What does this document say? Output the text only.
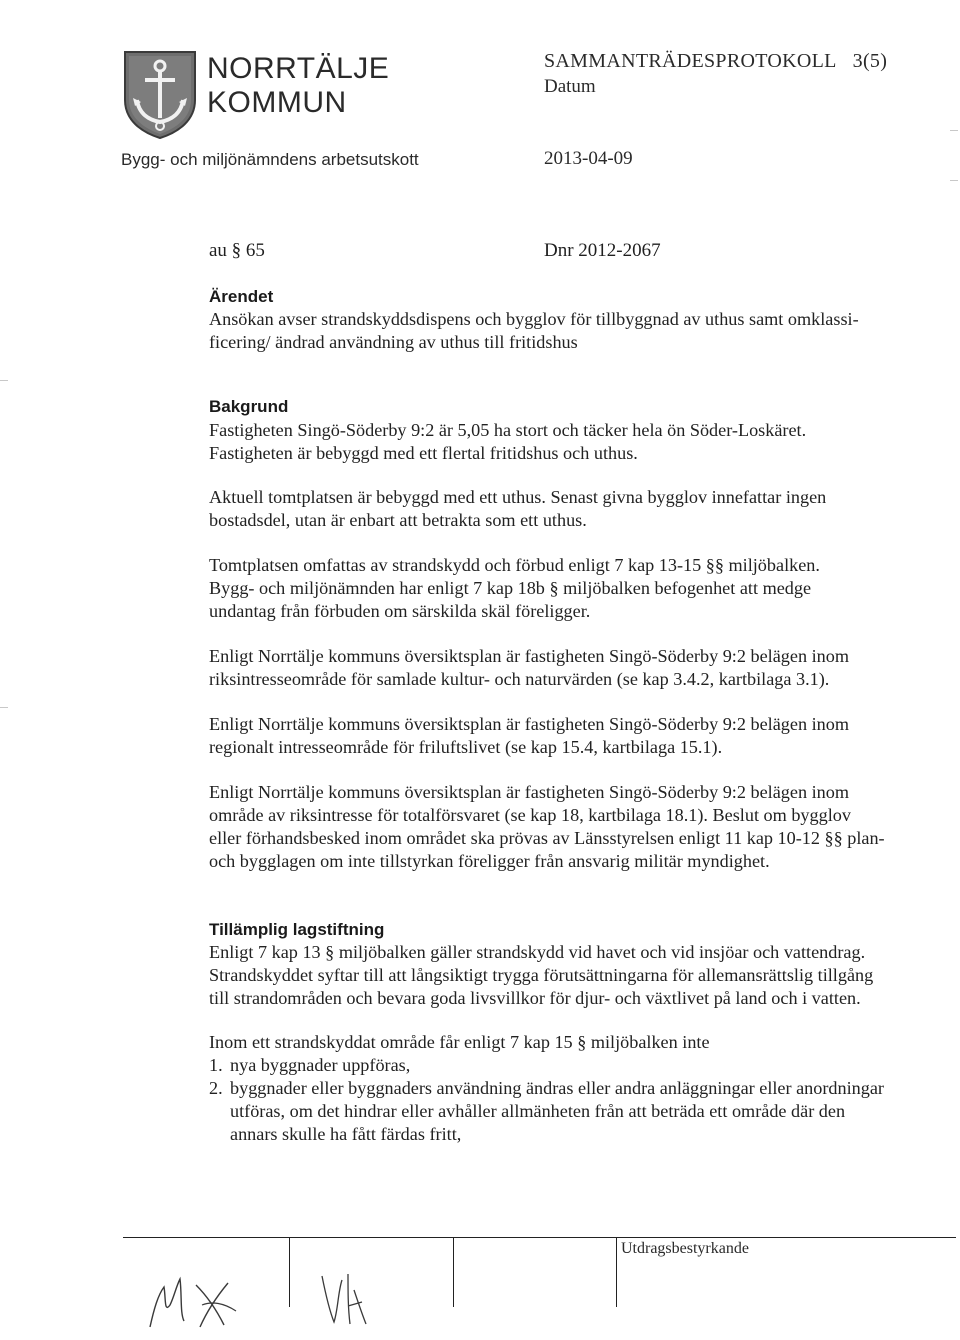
NORRTÄLJE
KOMMUN
SAMMANTRÄDESPROTOKOLL 3(5)
Datum
Bygg- och miljönämndens arbetsutskott	2013-04-09
au § 65	Dnr 2012-2067
Ärendet

Ansökan avser strandskyddsdispens och bygglov för tillbyggnad av uthus samt omklassi-

ficering/ ändrad användning av uthus till fritidshus

Bakgrund

Fastigheten Singö-Söderby 9:2 är 5,05 ha stort och täcker hela ön Söder-Loskäret.

Fastigheten är bebyggd med ett flertal fritidshus och uthus.

Aktuell tomtplatsen är bebyggd med ett uthus. Senast givna bygglov innefattar ingen

bostadsdel, utan är enbart att betrakta som ett uthus.

Tomtplatsen omfattas av strandskydd och förbud enligt 7 kap 13-15 §§ miljöbalken.

Bygg- och miljönämnden har enligt 7 kap 18b § miljöbalken befogenhet att medge

undantag från förbuden om särskilda skäl föreligger.

Enligt Norrtälje kommuns översiktsplan är fastigheten Singö-Söderby 9:2 belägen inom

riksintresseområde för samlade kultur- och naturvärden (se kap 3.4.2, kartbilaga 3.1).

Enligt Norrtälje kommuns översiktsplan är fastigheten Singö-Söderby 9:2 belägen inom

regionalt intresseområde för friluftslivet (se kap 15.4, kartbilaga 15.1).

Enligt Norrtälje kommuns översiktsplan är fastigheten Singö-Söderby 9:2 belägen inom

område av riksintresse för totalförsvaret (se kap 18, kartbilaga 18.1). Beslut om bygglov

eller förhandsbesked inom området ska prövas av Länsstyrelsen enligt 11 kap 10-12 §§ plan-

och bygglagen om inte tillstyrkan föreligger från ansvarig militär myndighet.

Tillämplig lagstiftning

Enligt 7 kap 13 § miljöbalken gäller strandskydd vid havet och vid insjöar och vattendrag.

Strandskyddet syftar till att långsiktigt trygga förutsättningarna för allemansrättslig tillgång

till strandområden och bevara goda livsvillkor för djur- och växtlivet på land och i vatten.

Inom ett strandskyddat område får enligt 7 kap 15 § miljöbalken inte

1. nya byggnader uppföras,

2. byggnader eller byggnaders användning ändras eller andra anläggningar eller anordningar

utföras, om det hindrar eller avhåller allmänheten från att beträda ett område där den

annars skulle ha fått färdas fritt,

Utdragsbestyrkande
